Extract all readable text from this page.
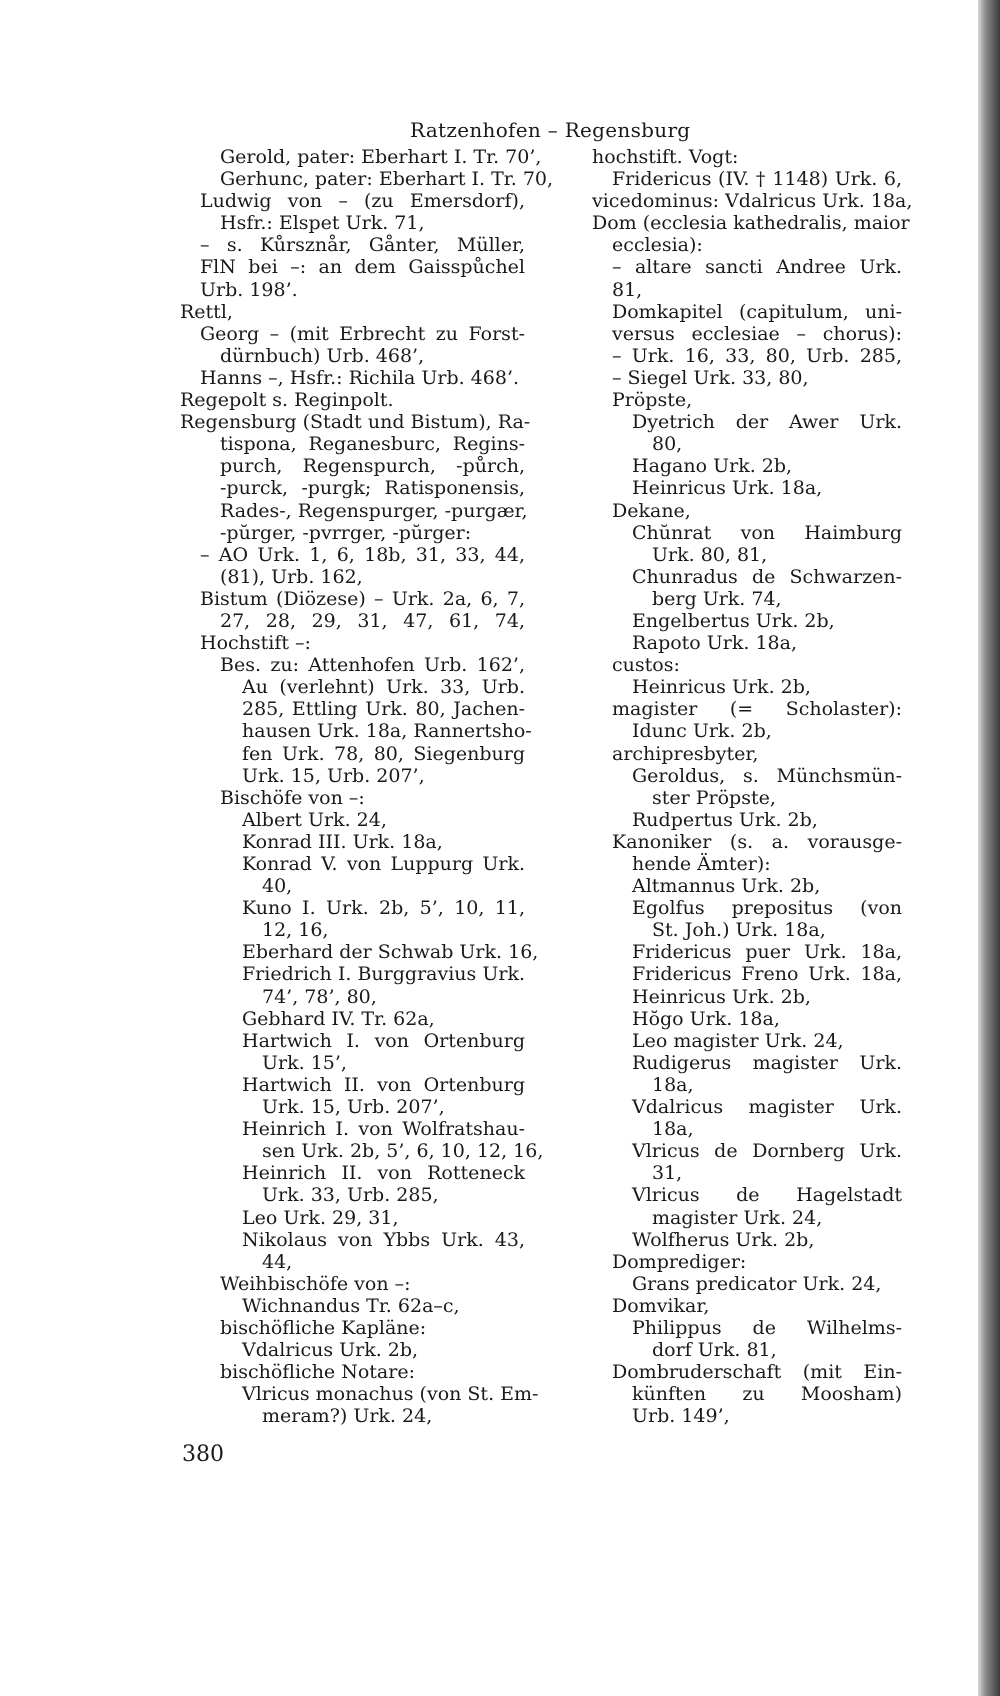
Ratzenhofen – Regensburg
Gerold, pater: Eberhart I. Tr. 70’,
Gerhunc, pater: Eberhart I. Tr. 70,
Ludwig von – (zu Emersdorf),
Hsfr.: Elspet Urk. 71,
– s. Kůrsznår, Gånter, Müller,
FlN bei –: an dem Gaisspůchel
Urb. 198’.
Rettl,
Georg – (mit Erbrecht zu Forst-
dürnbuch) Urb. 468’,
Hanns –, Hsfr.: Richila Urb. 468’.
Regepolt s. Reginpolt.
Regensburg (Stadt und Bistum), Ra-
tispona, Reganesburc, Regins-
purch, Regenspurch, -půrch,
-purck, -purgk; Ratisponensis,
Rades-, Regenspurger, -purgær,
-pŭrger, -pvrrger, -pŭrger:
– AO Urk. 1, 6, 18b, 31, 33, 44,
(81), Urb. 162,
Bistum (Diözese) – Urk. 2a, 6, 7,
27, 28, 29, 31, 47, 61, 74,
Hochstift –:
Bes. zu: Attenhofen Urb. 162’,
Au (verlehnt) Urk. 33, Urb.
285, Ettling Urk. 80, Jachen-
hausen Urk. 18a, Rannertsho-
fen Urk. 78, 80, Siegenburg
Urk. 15, Urb. 207’,
Bischöfe von –:
Albert Urk. 24,
Konrad III. Urk. 18a,
Konrad V. von Luppurg Urk.
40,
Kuno I. Urk. 2b, 5’, 10, 11,
12, 16,
Eberhard der Schwab Urk. 16,
Friedrich I. Burggravius Urk.
74’, 78’, 80,
Gebhard IV. Tr. 62a,
Hartwich I. von Ortenburg
Urk. 15’,
Hartwich II. von Ortenburg
Urk. 15, Urb. 207’,
Heinrich I. von Wolfratshau-
sen Urk. 2b, 5’, 6, 10, 12, 16,
Heinrich II. von Rotteneck
Urk. 33, Urb. 285,
Leo Urk. 29, 31,
Nikolaus von Ybbs Urk. 43,
44,
Weihbischöfe von –:
Wichnandus Tr. 62a–c,
bischöfliche Kapläne:
Vdalricus Urk. 2b,
bischöfliche Notare:
Vlricus monachus (von St. Em-
meram?) Urk. 24,
hochstift. Vogt:
Fridericus (IV. † 1148) Urk. 6,
vicedominus: Vdalricus Urk. 18a,
Dom (ecclesia kathedralis, maior
ecclesia):
– altare sancti Andree Urk.
81,
Domkapitel (capitulum, uni-
versus ecclesiae – chorus):
– Urk. 16, 33, 80, Urb. 285,
– Siegel Urk. 33, 80,
Pröpste,
Dyetrich der Awer Urk.
80,
Hagano Urk. 2b,
Heinricus Urk. 18a,
Dekane,
Chŭnrat von Haimburg
Urk. 80, 81,
Chunradus de Schwarzen-
berg Urk. 74,
Engelbertus Urk. 2b,
Rapoto Urk. 18a,
custos:
Heinricus Urk. 2b,
magister (= Scholaster):
Idunc Urk. 2b,
archipresbyter,
Geroldus, s. Münchsmün-
ster Pröpste,
Rudpertus Urk. 2b,
Kanoniker (s. a. vorausge-
hende Ämter):
Altmannus Urk. 2b,
Egolfus prepositus (von
St. Joh.) Urk. 18a,
Fridericus puer Urk. 18a,
Fridericus Freno Urk. 18a,
Heinricus Urk. 2b,
Hŏgo Urk. 18a,
Leo magister Urk. 24,
Rudigerus magister Urk.
18a,
Vdalricus magister Urk.
18a,
Vlricus de Dornberg Urk.
31,
Vlricus de Hagelstadt
magister Urk. 24,
Wolfherus Urk. 2b,
Domprediger:
Grans predicator Urk. 24,
Domvikar,
Philippus de Wilhelms-
dorf Urk. 81,
Dombruderschaft (mit Ein-
künften zu Moosham)
Urb. 149’,
380
